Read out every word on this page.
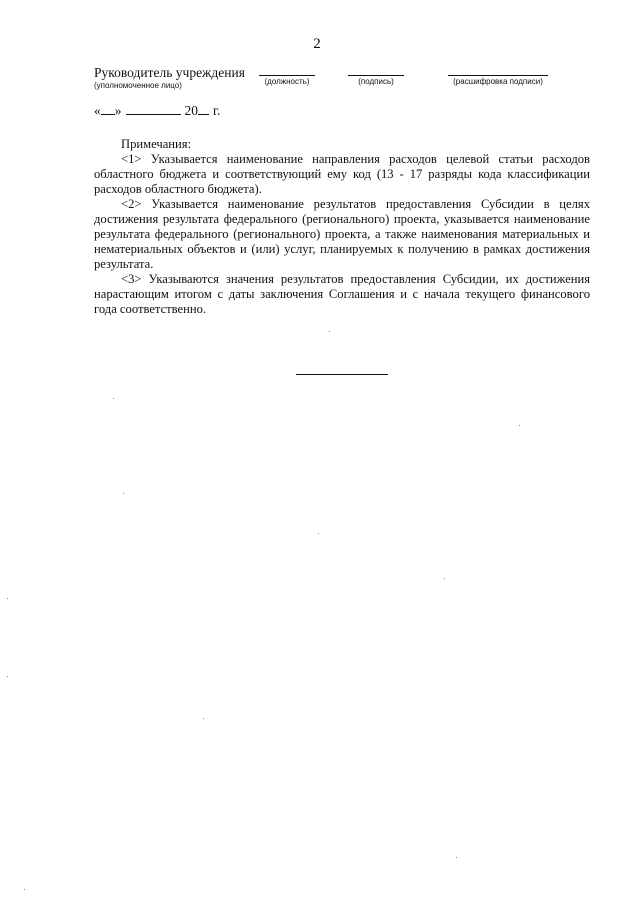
2
Руководитель учреждения
(уполномоченное лицо)	(должность)	(подпись)	(расшифровка подписи)
« »	20 г.

Примечания:

<1> Указывается наименование направления расходов целевой статьи расходов областного бюджета и соответствующий ему код (13 - 17 разряды кода классификации расходов областного бюджета).

<2> Указывается наименование результатов предоставления Субсидии в целях достижения результата федерального (регионального) проекта, указывается наименование результата федерального (регионального) проекта, а также наименования материальных и нематериальных объектов и (или) услуг, планируемых к получению в рамках достижения результата.

<3> Указываются значения результатов предоставления Субсидии, их достижения нарастающим итогом с даты заключения Соглашения и с начала текущего финансового года соответственно.
